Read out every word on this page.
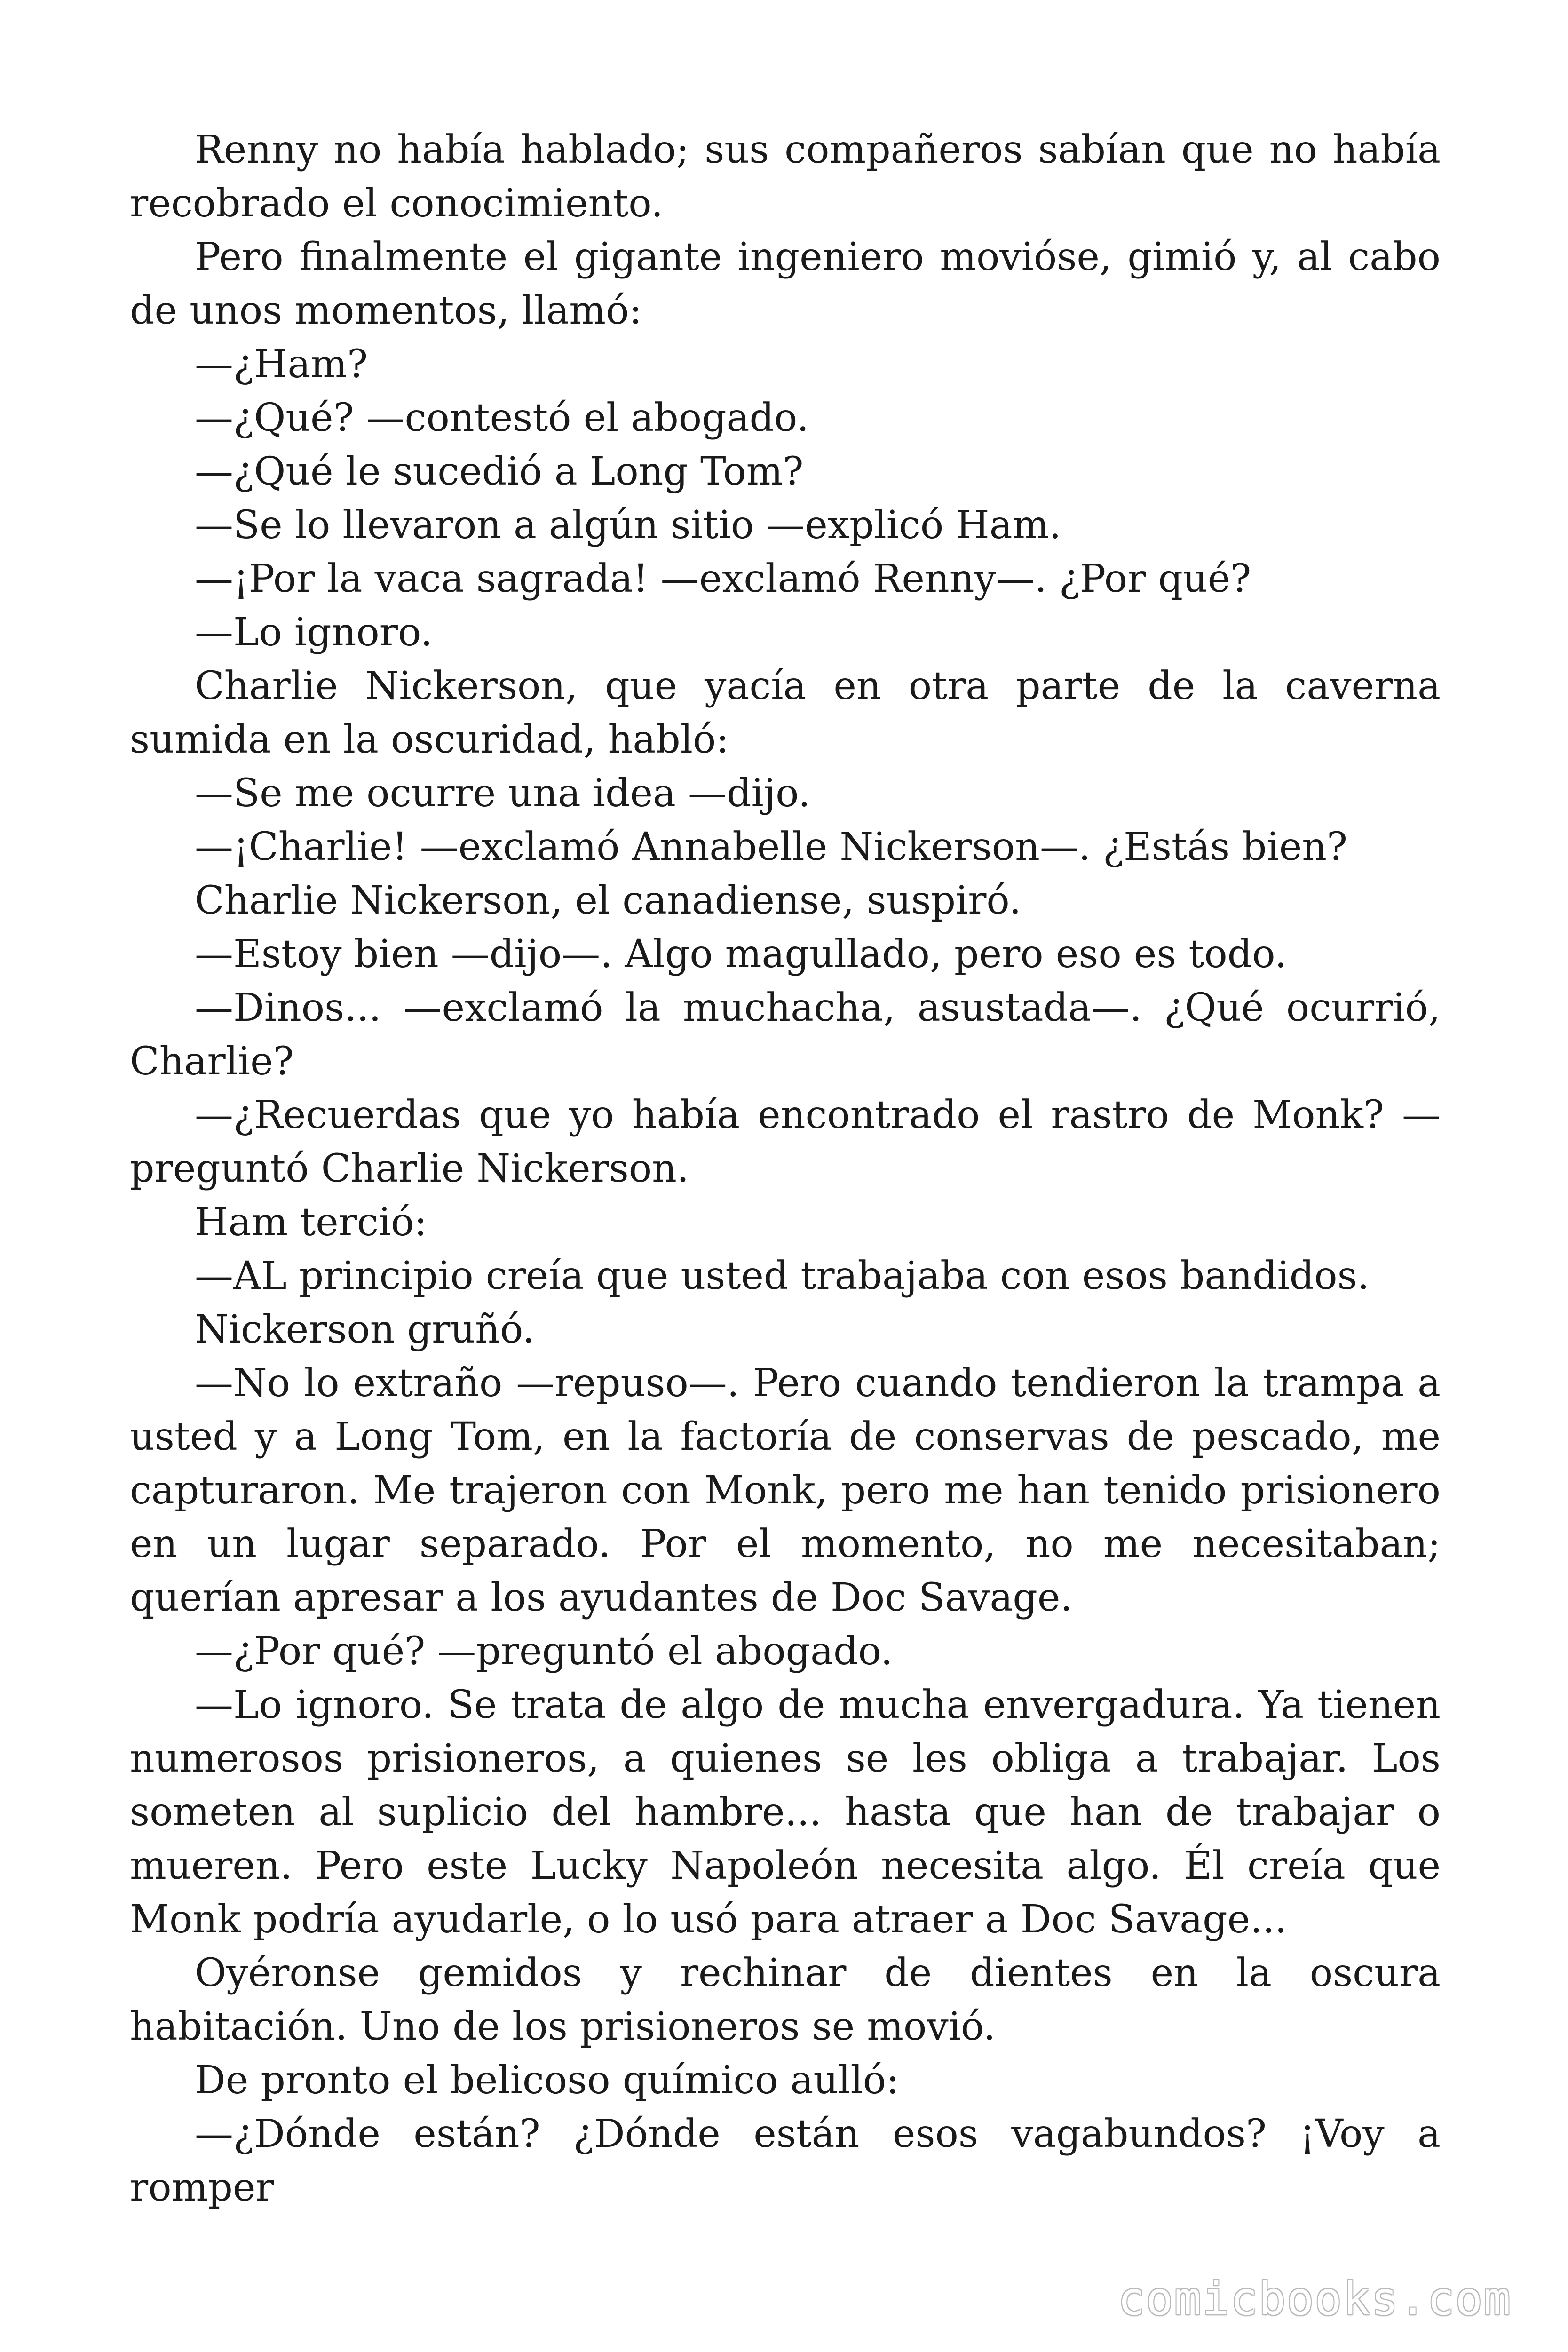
Renny no había hablado; sus compañeros sabían que no había recobrado el conocimiento.

Pero finalmente el gigante ingeniero movióse, gimió y, al cabo de unos momentos, llamó:

—¿Ham?

—¿Qué? —contestó el abogado.

—¿Qué le sucedió a Long Tom?

—Se lo llevaron a algún sitio —explicó Ham.

—¡Por la vaca sagrada! —exclamó Renny—. ¿Por qué?

—Lo ignoro.

Charlie Nickerson, que yacía en otra parte de la caverna sumida en la oscuridad, habló:

—Se me ocurre una idea —dijo.

—¡Charlie! —exclamó Annabelle Nickerson—. ¿Estás bien?

Charlie Nickerson, el canadiense, suspiró.

—Estoy bien —dijo—. Algo magullado, pero eso es todo.

—Dinos... —exclamó la muchacha, asustada—. ¿Qué ocurrió, Charlie?

—¿Recuerdas que yo había encontrado el rastro de Monk? —preguntó Charlie Nickerson.

Ham terció:

—AL principio creía que usted trabajaba con esos bandidos.

Nickerson gruñó.

—No lo extraño —repuso—. Pero cuando tendieron la trampa a usted y a Long Tom, en la factoría de conservas de pescado, me capturaron. Me trajeron con Monk, pero me han tenido prisionero en un lugar separado. Por el momento, no me necesitaban; querían apresar a los ayudantes de Doc Savage.

—¿Por qué? —preguntó el abogado.

—Lo ignoro. Se trata de algo de mucha envergadura. Ya tienen numerosos prisioneros, a quienes se les obliga a trabajar. Los someten al suplicio del hambre... hasta que han de trabajar o mueren. Pero este Lucky Napoleón necesita algo. Él creía que Monk podría ayudarle, o lo usó para atraer a Doc Savage...

Oyéronse gemidos y rechinar de dientes en la oscura habitación. Uno de los prisioneros se movió.

De pronto el belicoso químico aulló:

—¿Dónde están? ¿Dónde están esos vagabundos? ¡Voy a romper

comicbooks.com
